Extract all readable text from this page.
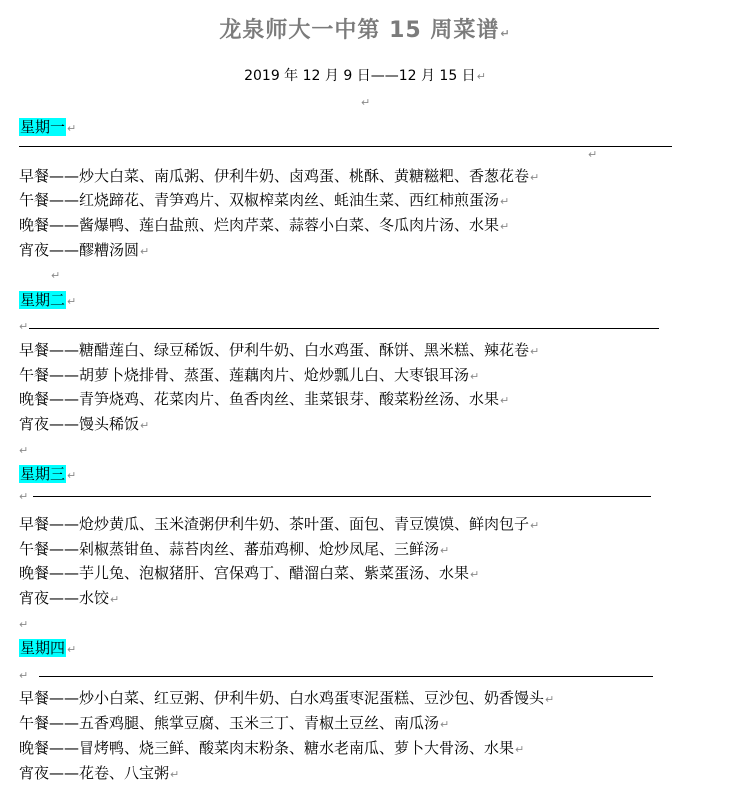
龙泉师大一中第 15 周菜谱↵
2019 年 12 月 9 日——12 月 15 日↵
↵
星期一 ↵
↵
早餐——炒大白菜、南瓜粥、伊利牛奶、卤鸡蛋、桃酥、黄糖糍粑、香葱花卷↵
午餐——红烧蹄花、青笋鸡片、双椒榨菜肉丝、蚝油生菜、西红柿煎蛋汤↵
晚餐——酱爆鸭、莲白盐煎、烂肉芹菜、蒜蓉小白菜、冬瓜肉片汤、水果↵
宵夜——醪糟汤圆↵
↵
星期二 ↵
↵
早餐——糖醋莲白、绿豆稀饭、伊利牛奶、白水鸡蛋、酥饼、黑米糕、辣花卷↵
午餐——胡萝卜烧排骨、蒸蛋、莲藕肉片、炝炒瓢儿白、大枣银耳汤↵
晚餐——青笋烧鸡、花菜肉片、鱼香肉丝、韭菜银芽、酸菜粉丝汤、水果↵
宵夜——馒头稀饭↵
↵
星期三 ↵
↵
早餐——炝炒黄瓜、玉米渣粥伊利牛奶、茶叶蛋、面包、青豆馍馍、鲜肉包子↵
午餐——剁椒蒸钳鱼、蒜苔肉丝、蕃茄鸡柳、炝炒凤尾、三鲜汤↵
晚餐——芋儿兔、泡椒猪肝、宫保鸡丁、醋溜白菜、紫菜蛋汤、水果↵
宵夜——水饺↵
↵
星期四 ↵
↵
早餐——炒小白菜、红豆粥、伊利牛奶、白水鸡蛋枣泥蛋糕、豆沙包、奶香馒头↵
午餐——五香鸡腿、熊掌豆腐、玉米三丁、青椒土豆丝、南瓜汤↵
晚餐——冒烤鸭、烧三鲜、酸菜肉末粉条、糖水老南瓜、萝卜大骨汤、水果↵
宵夜——花卷、八宝粥↵
